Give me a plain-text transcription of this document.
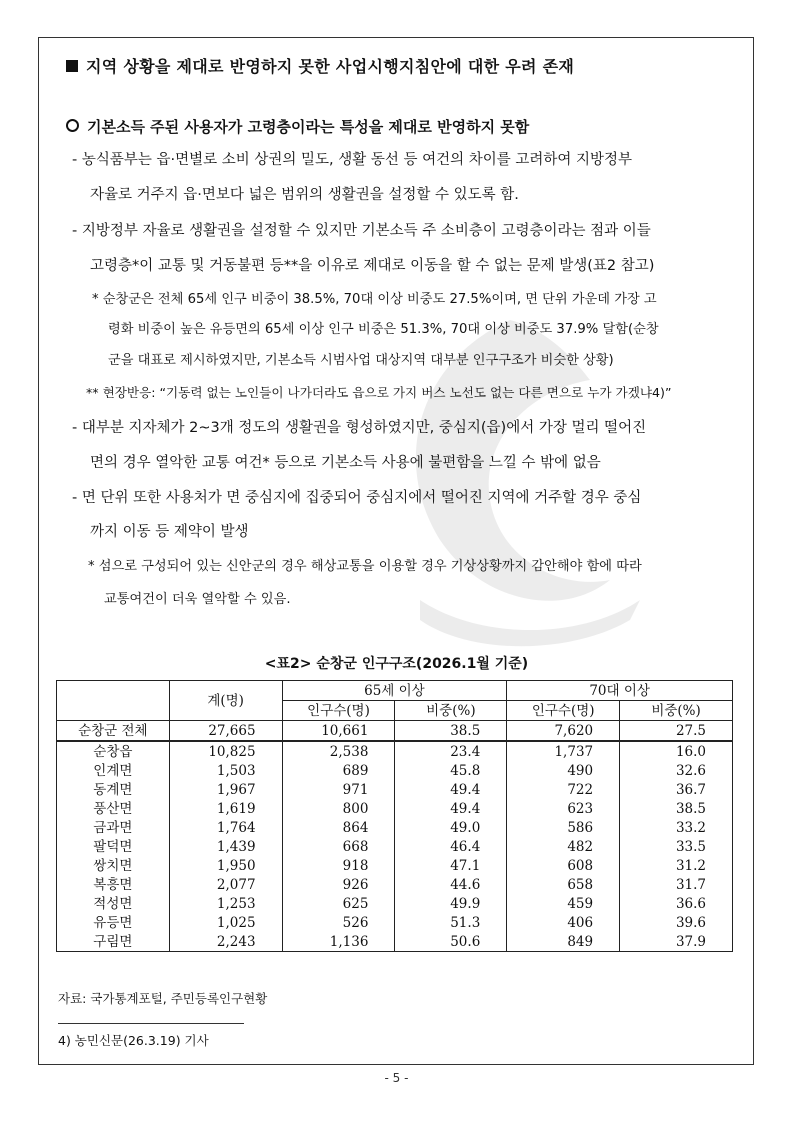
지역 상황을 제대로 반영하지 못한 사업시행지침안에 대한 우려 존재
기본소득 주된 사용자가 고령층이라는 특성을 제대로 반영하지 못함
- 농식품부는 읍·면별로 소비 상권의 밀도, 생활 동선 등 여건의 차이를 고려하여 지방정부
자율로 거주지 읍·면보다 넓은 범위의 생활권을 설정할 수 있도록 함.
- 지방정부 자율로 생활권을 설정할 수 있지만 기본소득 주 소비층이 고령층이라는 점과 이들
고령층*이 교통 및 거동불편 등**을 이유로 제대로 이동을 할 수 없는 문제 발생(표2 참고)
* 순창군은 전체 65세 인구 비중이 38.5%, 70대 이상 비중도 27.5%이며, 면 단위 가운데 가장 고
령화 비중이 높은 유등면의 65세 이상 인구 비중은 51.3%, 70대 이상 비중도 37.9% 달함(순창
군을 대표로 제시하였지만, 기본소득 시범사업 대상지역 대부분 인구구조가 비슷한 상황)
** 현장반응: “기동력 없는 노인들이 나가더라도 읍으로 가지 버스 노선도 없는 다른 면으로 누가 가겠냐4)”
- 대부분 지자체가 2~3개 정도의 생활권을 형성하였지만, 중심지(읍)에서 가장 멀리 떨어진
면의 경우 열악한 교통 여건* 등으로 기본소득 사용에 불편함을 느낄 수 밖에 없음
- 면 단위 또한 사용처가 면 중심지에 집중되어 중심지에서 떨어진 지역에 거주할 경우 중심
까지 이동 등 제약이 발생
* 섬으로 구성되어 있는 신안군의 경우 해상교통을 이용할 경우 기상상황까지 감안해야 함에 따라
교통여건이 더욱 열악할 수 있음.
<표2> 순창군 인구구조(2026.1월 기준)
	계(명)	65세 이상		70대 이상	
		인구수(명)	비중(%)	인구수(명)	비중(%)
순창군 전체	27,665	10,661	38.5	7,620	27.5
순창읍	10,825	2,538	23.4	1,737	16.0
인계면	1,503	689	45.8	490	32.6
동계면	1,967	971	49.4	722	36.7
풍산면	1,619	800	49.4	623	38.5
금과면	1,764	864	49.0	586	33.2
팔덕면	1,439	668	46.4	482	33.5
쌍치면	1,950	918	47.1	608	31.2
복흥면	2,077	926	44.6	658	31.7
적성면	1,253	625	49.9	459	36.6
유등면	1,025	526	51.3	406	39.6
구림면	2,243	1,136	50.6	849	37.9
자료: 국가통계포털, 주민등록인구현황
4) 농민신문(26.3.19) 기사
- 5 -
